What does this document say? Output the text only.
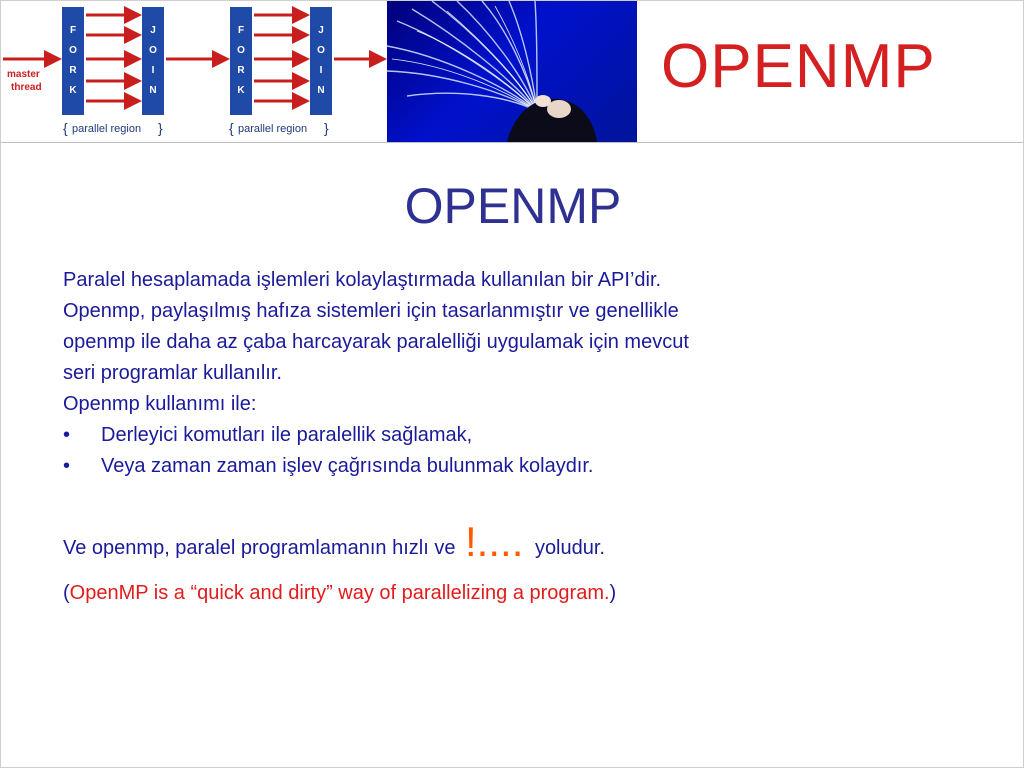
master
thread
F
O
R
K
J
O
I
N
F
O
R
K
J
O
I
N
{ parallel region }	{ parallel region }
OPENMP
OPENMP

Paralel hesaplamada işlemleri kolaylaştırmada kullanılan bir API’dir.

Openmp, paylaşılmış hafıza sistemleri için tasarlanmıştır ve genellikle

openmp ile daha az çaba harcayarak paralelliği uygulamak için mevcut

seri programlar kullanılır.

Openmp kullanımı ile:

• Derleyici komutları ile paralellik sağlamak,

• Veya zaman zaman işlev çağrısında bulunmak kolaydır.

Ve openmp, paralel programlamanın hızlı ve !.... yoludur.
(OpenMP is a “quick and dirty” way of parallelizing a program.)
